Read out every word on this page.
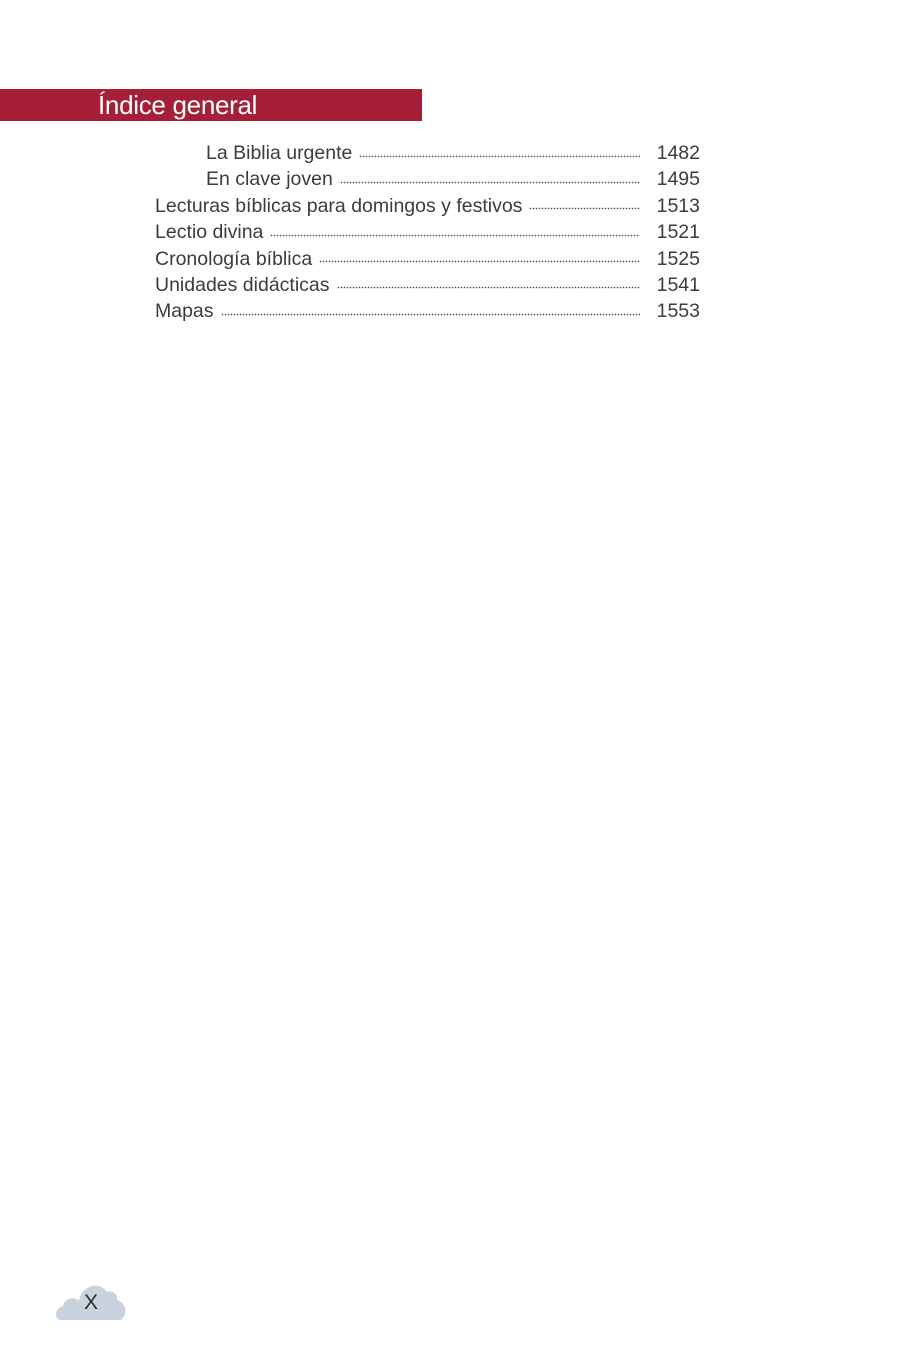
Índice general
La Biblia urgente	1482
En clave joven	1495
Lecturas bíblicas para domingos y festivos	1513
Lectio divina	1521
Cronología bíblica	1525
Unidades didácticas	1541
Mapas	1553
X
